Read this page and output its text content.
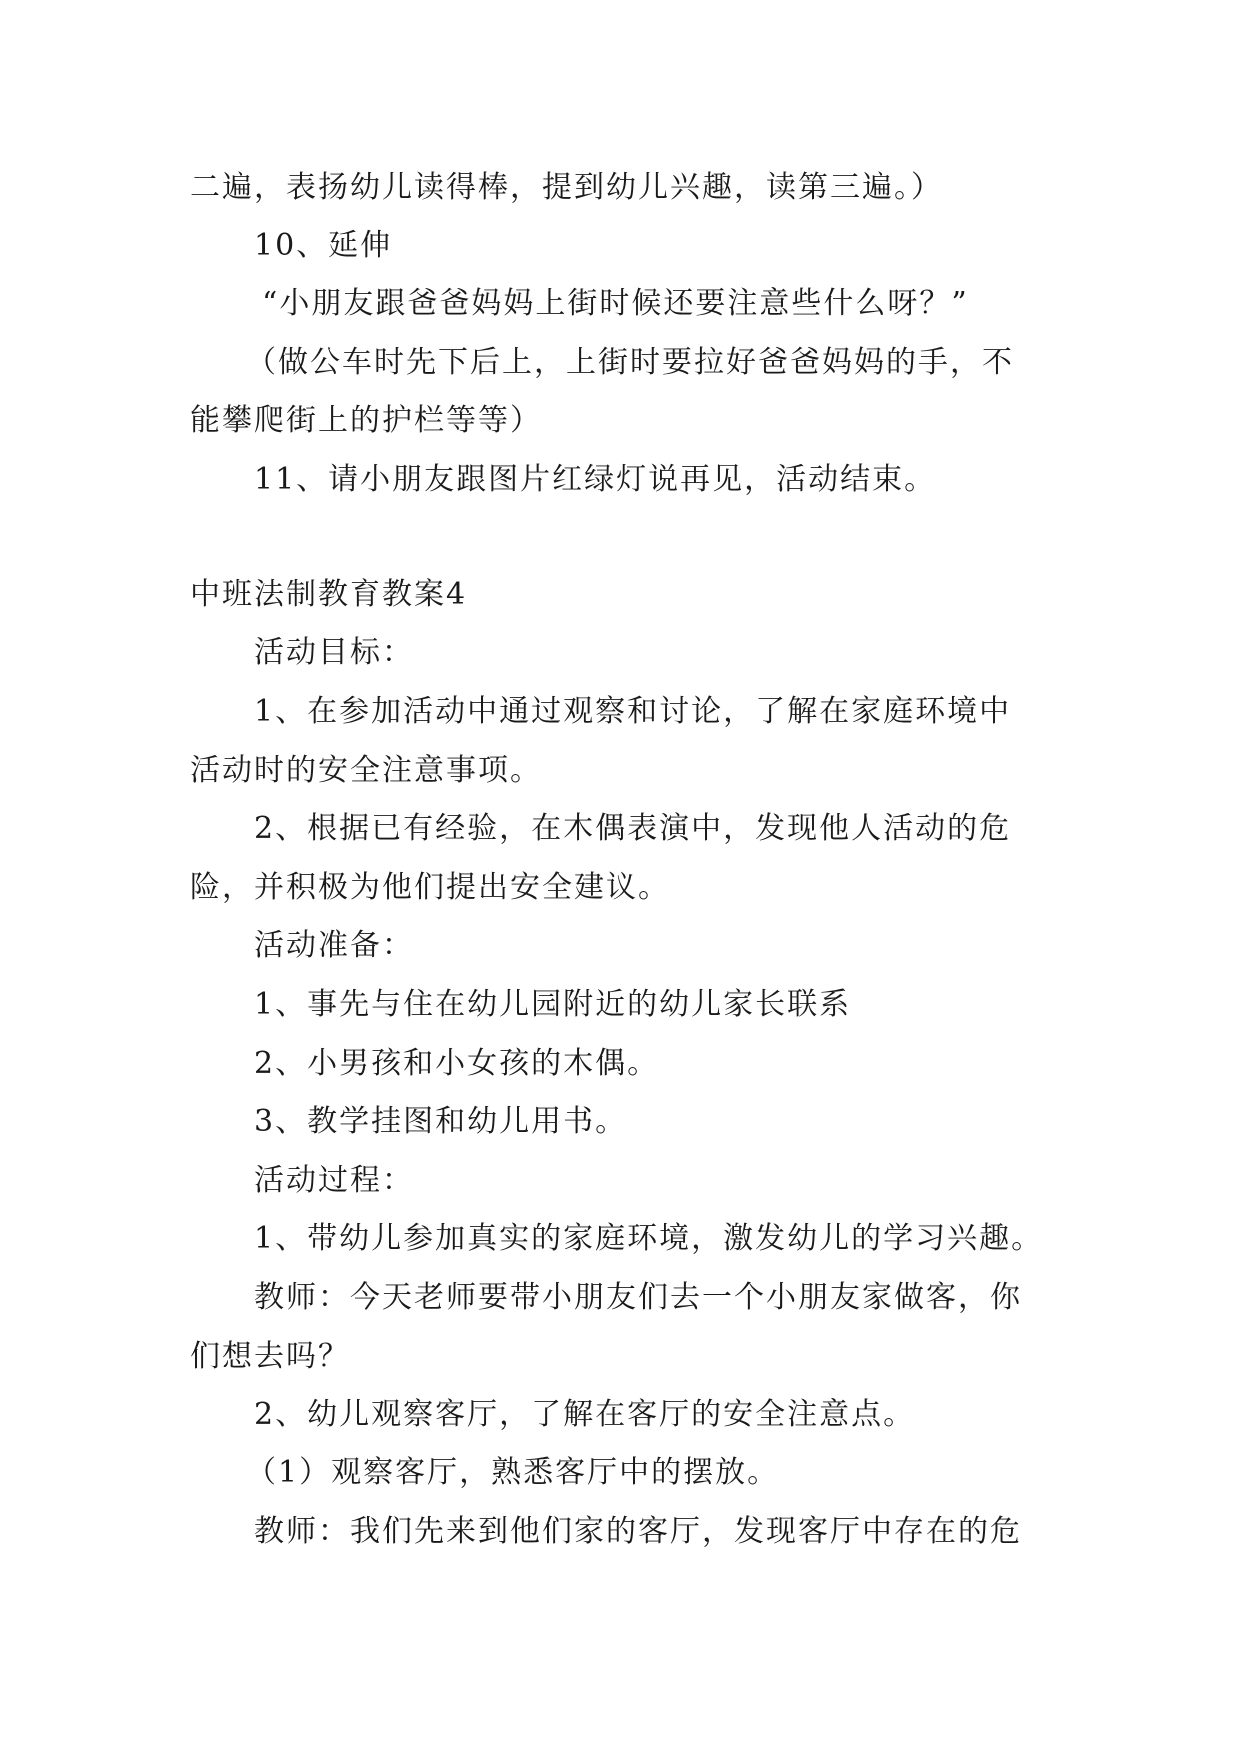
二遍，表扬幼儿读得棒，提到幼儿兴趣，读第三遍。）
10、延伸
“小朋友跟爸爸妈妈上街时候还要注意些什么呀？”
（做公车时先下后上，上街时要拉好爸爸妈妈的手，不
能攀爬街上的护栏等等）
11、请小朋友跟图片红绿灯说再见，活动结束。
中班法制教育教案4
活动目标：
1、在参加活动中通过观察和讨论，了解在家庭环境中
活动时的安全注意事项。
2、根据已有经验，在木偶表演中，发现他人活动的危
险，并积极为他们提出安全建议。
活动准备：
1、事先与住在幼儿园附近的幼儿家长联系
2、小男孩和小女孩的木偶。
3、教学挂图和幼儿用书。
活动过程：
1、带幼儿参加真实的家庭环境，激发幼儿的学习兴趣。
教师：今天老师要带小朋友们去一个小朋友家做客，你
们想去吗？
2、幼儿观察客厅，了解在客厅的安全注意点。
（1）观察客厅，熟悉客厅中的摆放。
教师：我们先来到他们家的客厅，发现客厅中存在的危
